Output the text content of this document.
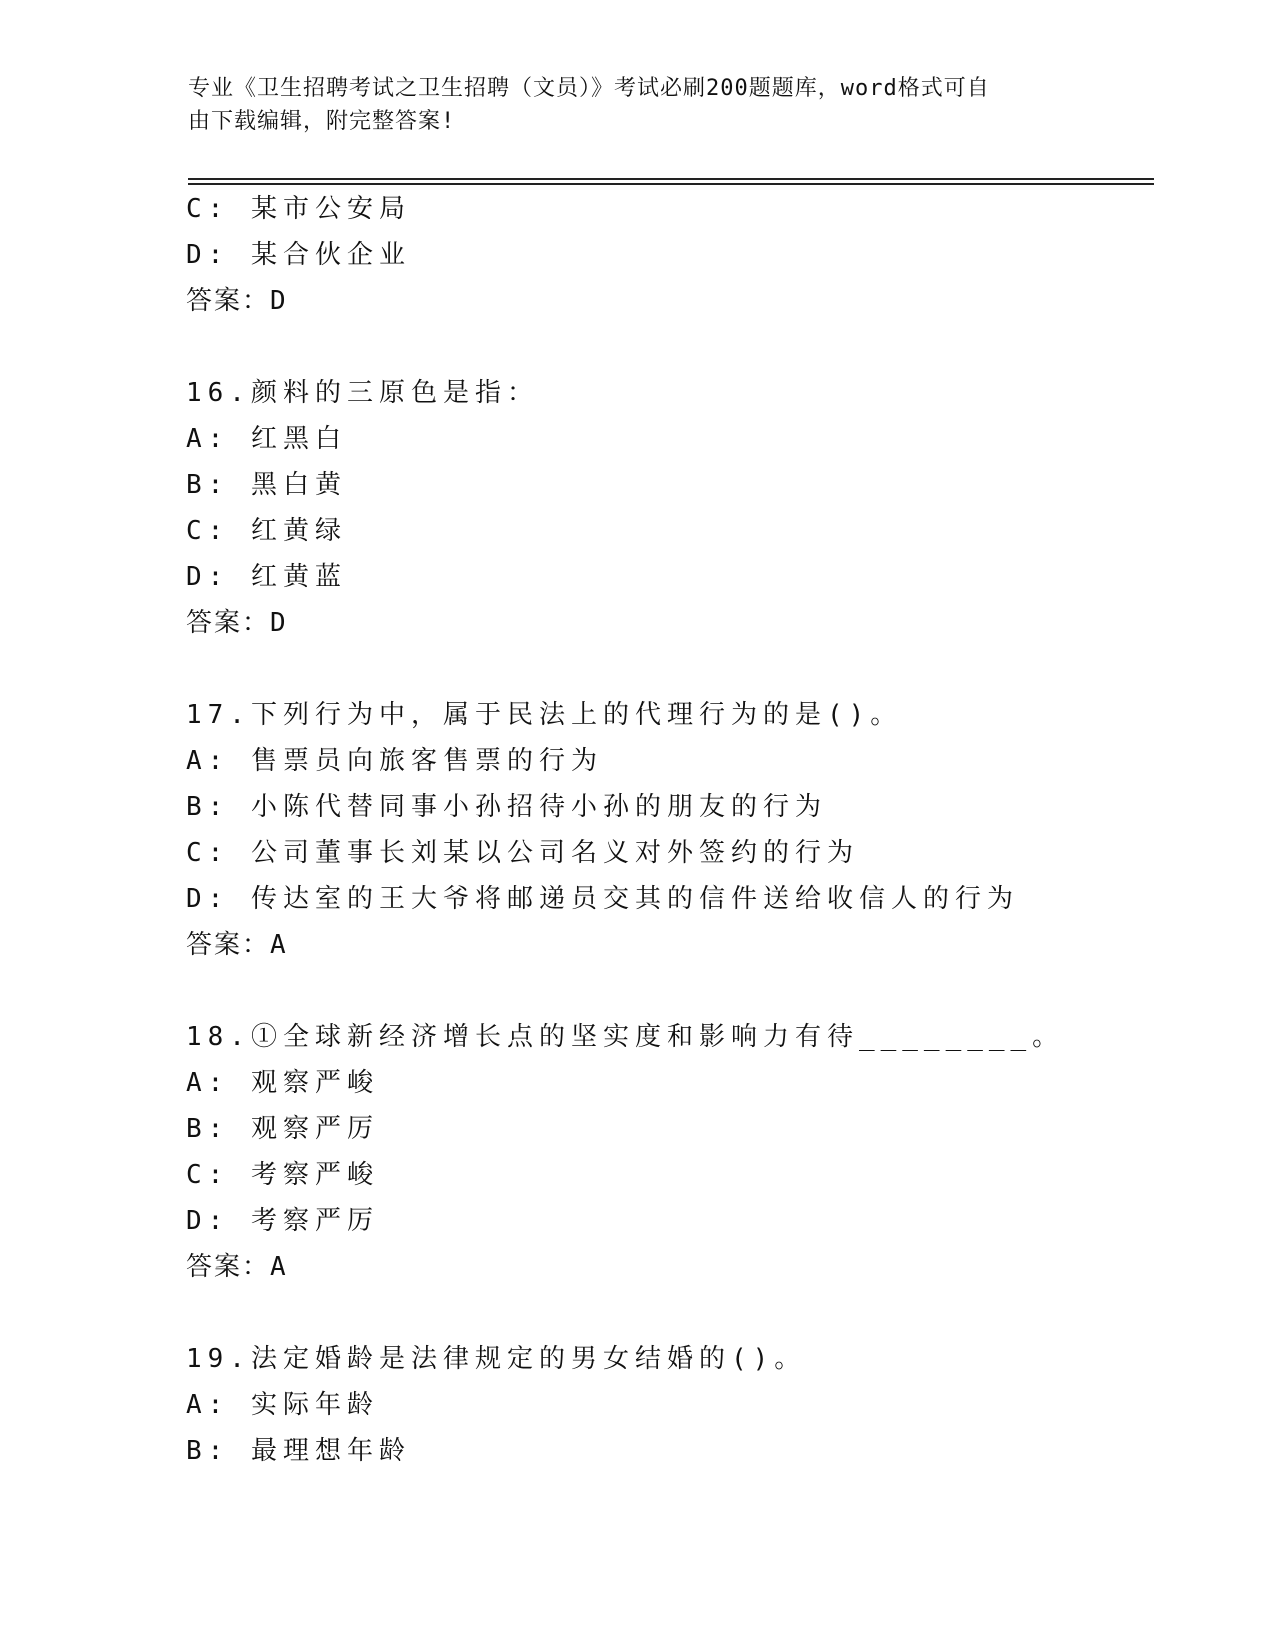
专业《卫生招聘考试之卫生招聘（文员）》考试必刷200题题库，word格式可自
由下载编辑，附完整答案!
C: 某市公安局
D: 某合伙企业
答案：D
16.颜料的三原色是指：
A: 红黑白
B: 黑白黄
C: 红黄绿
D: 红黄蓝
答案：D
17.下列行为中，属于民法上的代理行为的是()。
A: 售票员向旅客售票的行为
B: 小陈代替同事小孙招待小孙的朋友的行为
C: 公司董事长刘某以公司名义对外签约的行为
D: 传达室的王大爷将邮递员交其的信件送给收信人的行为
答案：A
18.①全球新经济增长点的坚实度和影响力有待________。
A: 观察严峻
B: 观察严厉
C: 考察严峻
D: 考察严厉
答案：A
19.法定婚龄是法律规定的男女结婚的()。
A: 实际年龄
B: 最理想年龄
